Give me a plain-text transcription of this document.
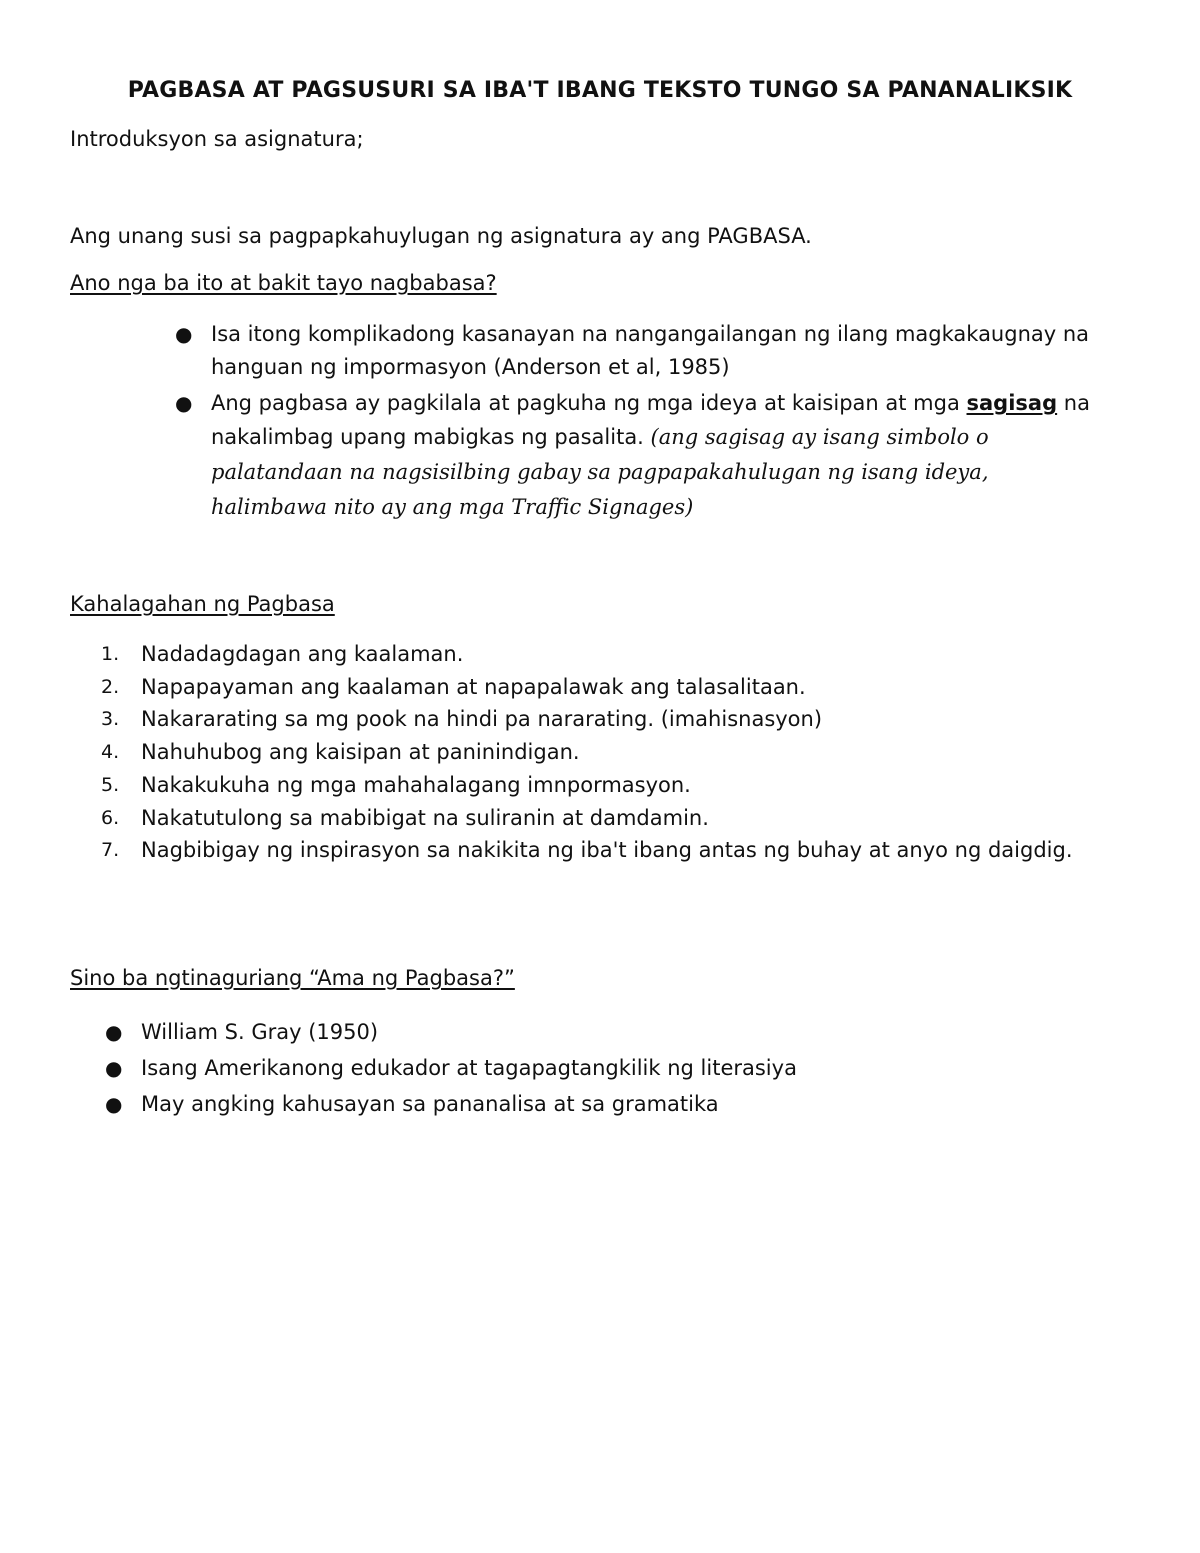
PAGBASA AT PAGSUSURI SA IBA'T IBANG TEKSTO TUNGO SA PANANALIKSIK
Introduksyon sa asignatura;
Ang unang susi sa pagpapkahuylugan ng asignatura ay ang PAGBASA.
Ano nga ba ito at bakit tayo nagbabasa?
● Isa itong komplikadong kasanayan na nangangailangan ng ilang magkakaugnay na hanguan ng impormasyon (Anderson et al, 1985)
● Ang pagbasa ay pagkilala at pagkuha ng mga ideya at kaisipan at mga sagisag na nakalimbag upang mabigkas ng pasalita. (ang sagisag ay isang simbolo o palatandaan na nagsisilbing gabay sa pagpapakahulugan ng isang ideya, halimbawa nito ay ang mga Traffic Signages)
Kahalagahan ng Pagbasa
1. Nadadagdagan ang kaalaman.
2. Napapayaman ang kaalaman at napapalawak ang talasalitaan.
3. Nakararating sa mg pook na hindi pa nararating. (imahisnasyon)
4. Nahuhubog ang kaisipan at paninindigan.
5. Nakakukuha ng mga mahahalagang imnpormasyon.
6. Nakatutulong sa mabibigat na suliranin at damdamin.
7. Nagbibigay ng inspirasyon sa nakikita ng iba't ibang antas ng buhay at anyo ng daigdig.
Sino ba ngtinaguriang “Ama ng Pagbasa?”
● William S. Gray (1950)
● Isang Amerikanong edukador at tagapagtangkilik ng literasiya
● May angking kahusayan sa pananalisa at sa gramatika
